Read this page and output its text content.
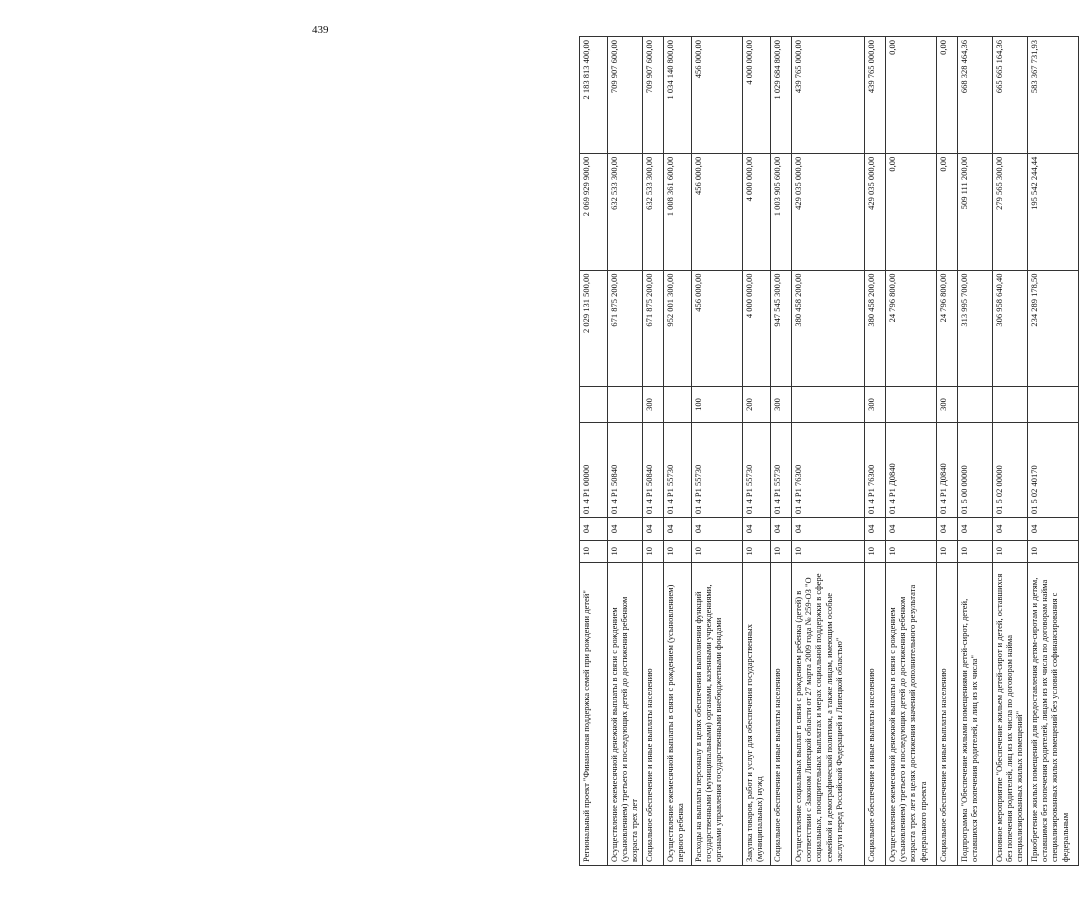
439
Региональный проект "Финансовая поддержка семей при рождении детей"	10	04	01 4 P1 00000		2 029 131 500,00	2 069 929 900,00	2 183 813 400,00
Осуществление ежемесячной денежной выплаты в связи с рождением (усыновлением) третьего и последующих детей до достижения ребенком возраста трех лет	10	04	01 4 P1 50840		671 875 200,00	632 533 300,00	709 907 600,00
Социальное обеспечение и иные выплаты населению	10	04	01 4 P1 50840	300	671 875 200,00	632 533 300,00	709 907 600,00
Осуществление ежемесячной выплаты в связи с рождением (усыновлением) первого ребенка	10	04	01 4 P1 55730		952 001 300,00	1 008 361 600,00	1 034 140 800,00
Расходы на выплаты персоналу в целях обеспечения выполнения функций государственными (муниципальными) органами, казенными учреждениями, органами управления государственными внебюджетными фондами	10	04	01 4 P1 55730	100	456 000,00	456 000,00	456 000,00
Закупка товаров, работ и услуг для обеспечения государственных (муниципальных) нужд	10	04	01 4 P1 55730	200	4 000 000,00	4 000 000,00	4 000 000,00
Социальное обеспечение и иные выплаты населению	10	04	01 4 P1 55730	300	947 545 300,00	1 003 905 600,00	1 029 684 800,00
Осуществление социальных выплат в связи с рождением ребенка (детей) в соответствии с Законом Липецкой области от 27 марта 2009 года № 259-ОЗ "О социальных, поощрительных выплатах и мерах социальной поддержки в сфере семейной и демографической политики, а также лицам, имеющим особые заслуги перед Российской Федерацией и Липецкой областью"	10	04	01 4 P1 76300		380 458 200,00	429 035 000,00	439 765 000,00
Социальное обеспечение и иные выплаты населению	10	04	01 4 P1 76300	300	380 458 200,00	429 035 000,00	439 765 000,00
Осуществление ежемесячной денежной выплаты в связи с рождением (усыновлением) третьего и последующих детей до достижения ребенком возраста трех лет в целях достижения значений дополнительного результата федерального проекта	10	04	01 4 P1 Д0840		24 796 800,00	0,00	0,00
Социальное обеспечение и иные выплаты населению	10	04	01 4 P1 Д0840	300	24 796 800,00	0,00	0,00
Подпрограмма "Обеспечение жилыми помещениями детей-сирот, детей, оставшихся без попечения родителей, и лиц из их числа"	10	04	01 5 00 00000		313 995 700,00	509 111 200,00	668 328 464,36
Основное мероприятие "Обеспечение жильем детей-сирот и детей, оставшихся без попечения родителей, лиц из их числа по договорам найма специализированных жилых помещений"	10	04	01 5 02 00000		306 958 640,40	279 565 300,00	665 665 164,36
Приобретение жилых помещений для предоставления детям-сиротам и детям, оставшимся без попечения родителей, лицам из их числа по договорам найма специализированных жилых помещений без условий софинансирования с федеральным	10	04	01 5 02 40170		234 289 178,50	195 542 244,44	583 367 731,93
